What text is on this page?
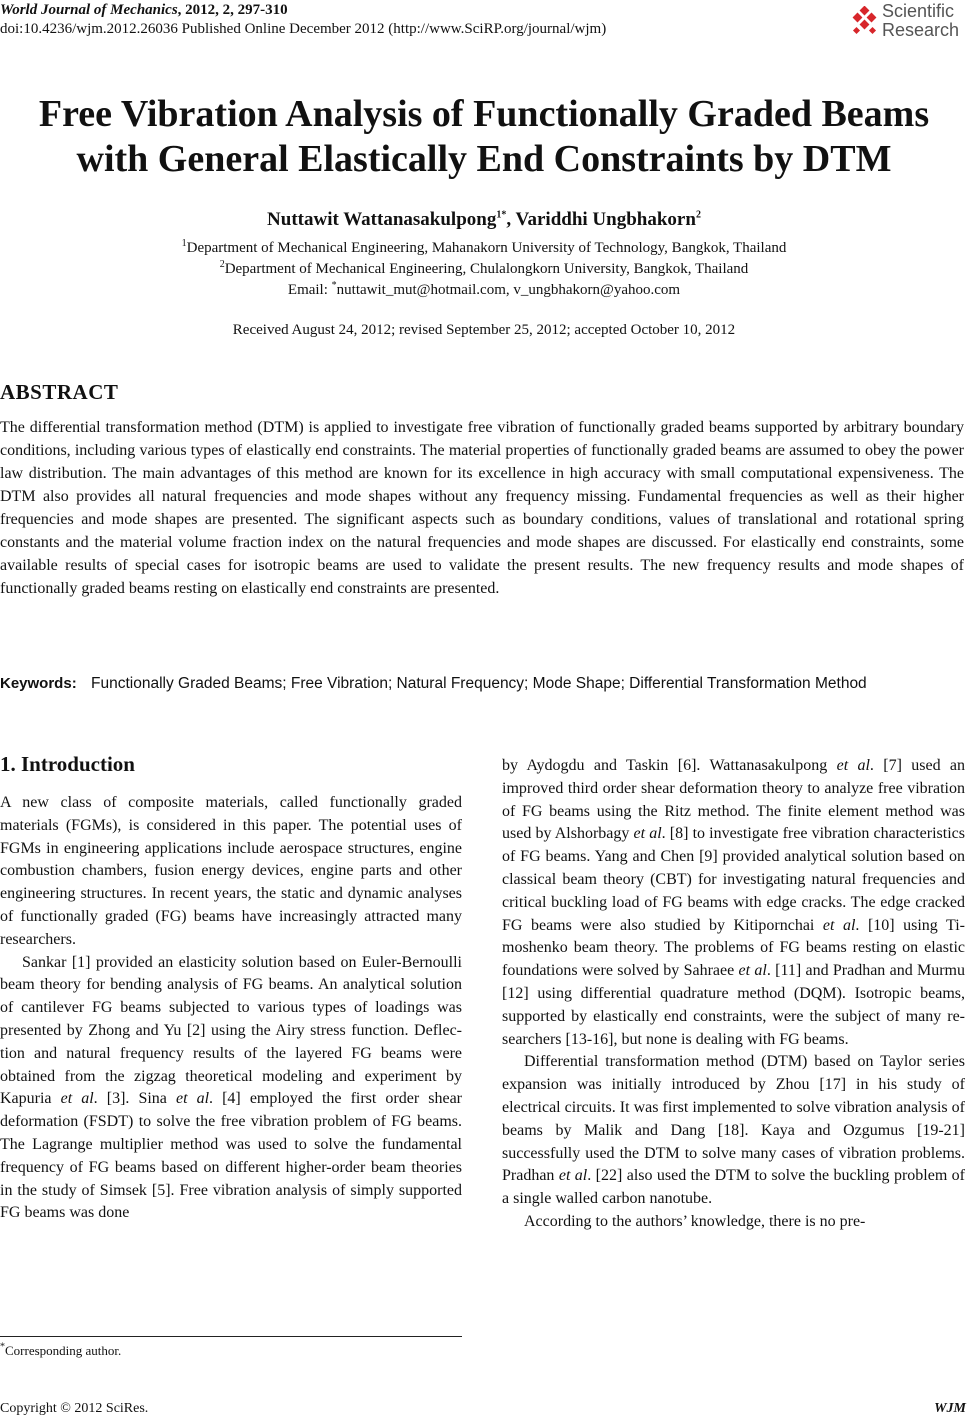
World Journal of Mechanics, 2012, 2, 297-310
doi:10.4236/wjm.2012.26036 Published Online December 2012 (http://www.SciRP.org/journal/wjm)
Scientific
Research
Free Vibration Analysis of Functionally Graded Beams
with General Elastically End Constraints by DTM
Nuttawit Wattanasakulpong$^{1*}$, Variddhi Ungbhakorn$^2$
$^1$Department of Mechanical Engineering, Mahanakorn University of Technology, Bangkok, Thailand
$^2$Department of Mechanical Engineering, Chulalongkorn University, Bangkok, Thailand
Email: *nuttawit_mut@hotmail.com, v_ungbhakorn@yahoo.com
Received August 24, 2012; revised September 25, 2012; accepted October 10, 2012
ABSTRACT
The differential transformation method (DTM) is applied to investigate free vibration of functionally graded beams supported by arbitrary boundary conditions, including various types of elastically end constraints. The material properties of functionally graded beams are assumed to obey the power law distribution. The main advantages of this method are known for its excellence in high accuracy with small computational expensiveness. The DTM also provides all natural frequencies and mode shapes without any frequency missing. Fundamental frequencies as well as their higher frequencies and mode shapes are presented. The significant aspects such as boundary conditions, values of translational and rotational spring constants and the material volume fraction index on the natural frequencies and mode shapes are discussed. For elastically end constraints, some available results of special cases for isotropic beams are used to validate the present results. The new frequency results and mode shapes of functionally graded beams resting on elastically end constraints are presented.
Keywords: Functionally Graded Beams; Free Vibration; Natural Frequency; Mode Shape; Differential Transformation Method
1. Introduction

A new class of composite materials, called functionally graded materials (FGMs), is considered in this paper. The potential uses of FGMs in engineering applications include aerospace structures, engine combustion chambers, fusion energy devices, engine parts and other engineering structures. In recent years, the static and dynamic analyses of functionally graded (FG) beams have increasingly attracted many researchers.

Sankar [1] provided an elasticity solution based on Euler-Bernoulli beam theory for bending analysis of FG beams. An analytical solution of cantilever FG beams subjected to various types of loadings was presented by Zhong and Yu [2] using the Airy stress function. Deflection and natural frequency results of the layered FG beams were obtained from the zigzag theoretical modeling and experiment by Kapuria et al. [3]. Sina et al. [4] employed the first order shear deformation (FSDT) to solve the free vibration problem of FG beams. The Lagrange multiplier method was used to solve the fundamental frequency of FG beams based on different higher-order beam theories in the study of Simsek [5]. Free vibration analysis of simply supported FG beams was done

by Aydogdu and Taskin [6]. Wattanasakulpong et al. [7] used an improved third order shear deformation theory to analyze free vibration of FG beams using the Ritz method. The finite element method was used by Alshorbagy et al. [8] to investigate free vibration characteristics of FG beams. Yang and Chen [9] provided analytical solution based on classical beam theory (CBT) for investigating natural frequencies and critical buckling load of FG beams with edge cracks. The edge cracked FG beams were also studied by Kitipornchai et al. [10] using Timoshenko beam theory. The problems of FG beams resting on elastic foundations were solved by Sahraee et al. [11] and Pradhan and Murmu [12] using differential quadrature method (DQM). Isotropic beams, supported by elastically end constraints, were the subject of many researchers [13-16], but none is dealing with FG beams.

Differential transformation method (DTM) based on Taylor series expansion was initially introduced by Zhou [17] in his study of electrical circuits. It was first implemented to solve vibration analysis of beams by Malik and Dang [18]. Kaya and Ozgumus [19-21] successfully used the DTM to solve many cases of vibration problems. Pradhan et al. [22] also used the DTM to solve the buckling problem of a single walled carbon nanotube.

According to the authors’ knowledge, there is no pre-

*Corresponding author.
Copyright © 2012 SciRes.	WJM
